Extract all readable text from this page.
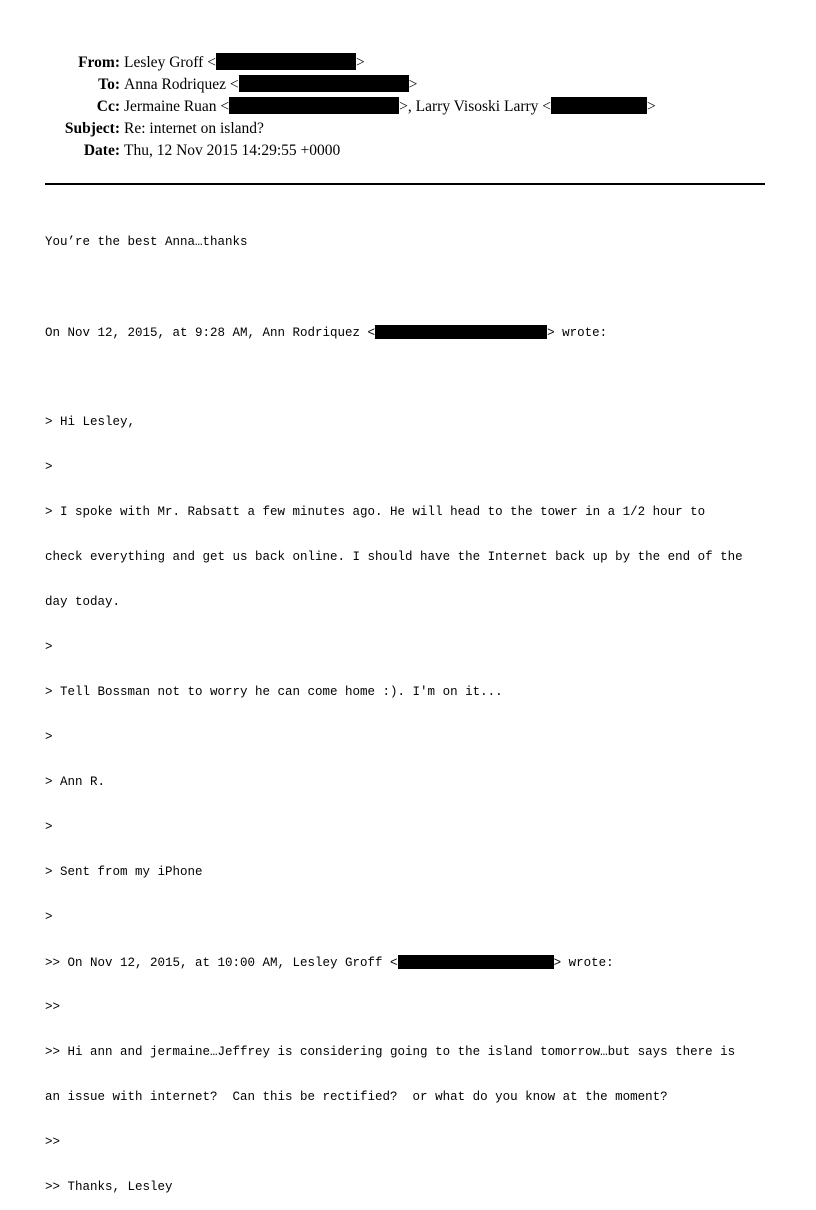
From: Lesley Groff <	>
To: Anna Rodriquez <	>
Cc: Jermaine Ruan <	>, Larry Visoski Larry <	>
Subject: Re: internet on island?
Date: Thu, 12 Nov 2015 14:29:55 +0000

You’re the best Anna…thanks

On Nov 12, 2015, at 9:28 AM, Ann Rodriquez <	> wrote:

> Hi Lesley,

>

> I spoke with Mr. Rabsatt a few minutes ago. He will head to the tower in a 1/2 hour to

check everything and get us back online. I should have the Internet back up by the end of the

day today.

>

> Tell Bossman not to worry he can come home :). I'm on it...

>

> Ann R.

>

> Sent from my iPhone

>

>> On Nov 12, 2015, at 10:00 AM, Lesley Groff <	> wrote:

>>

>> Hi ann and jermaine…Jeffrey is considering going to the island tomorrow…but says there is

an issue with internet?  Can this be rectified?  or what do you know at the moment?

>>

>> Thanks, Lesley
